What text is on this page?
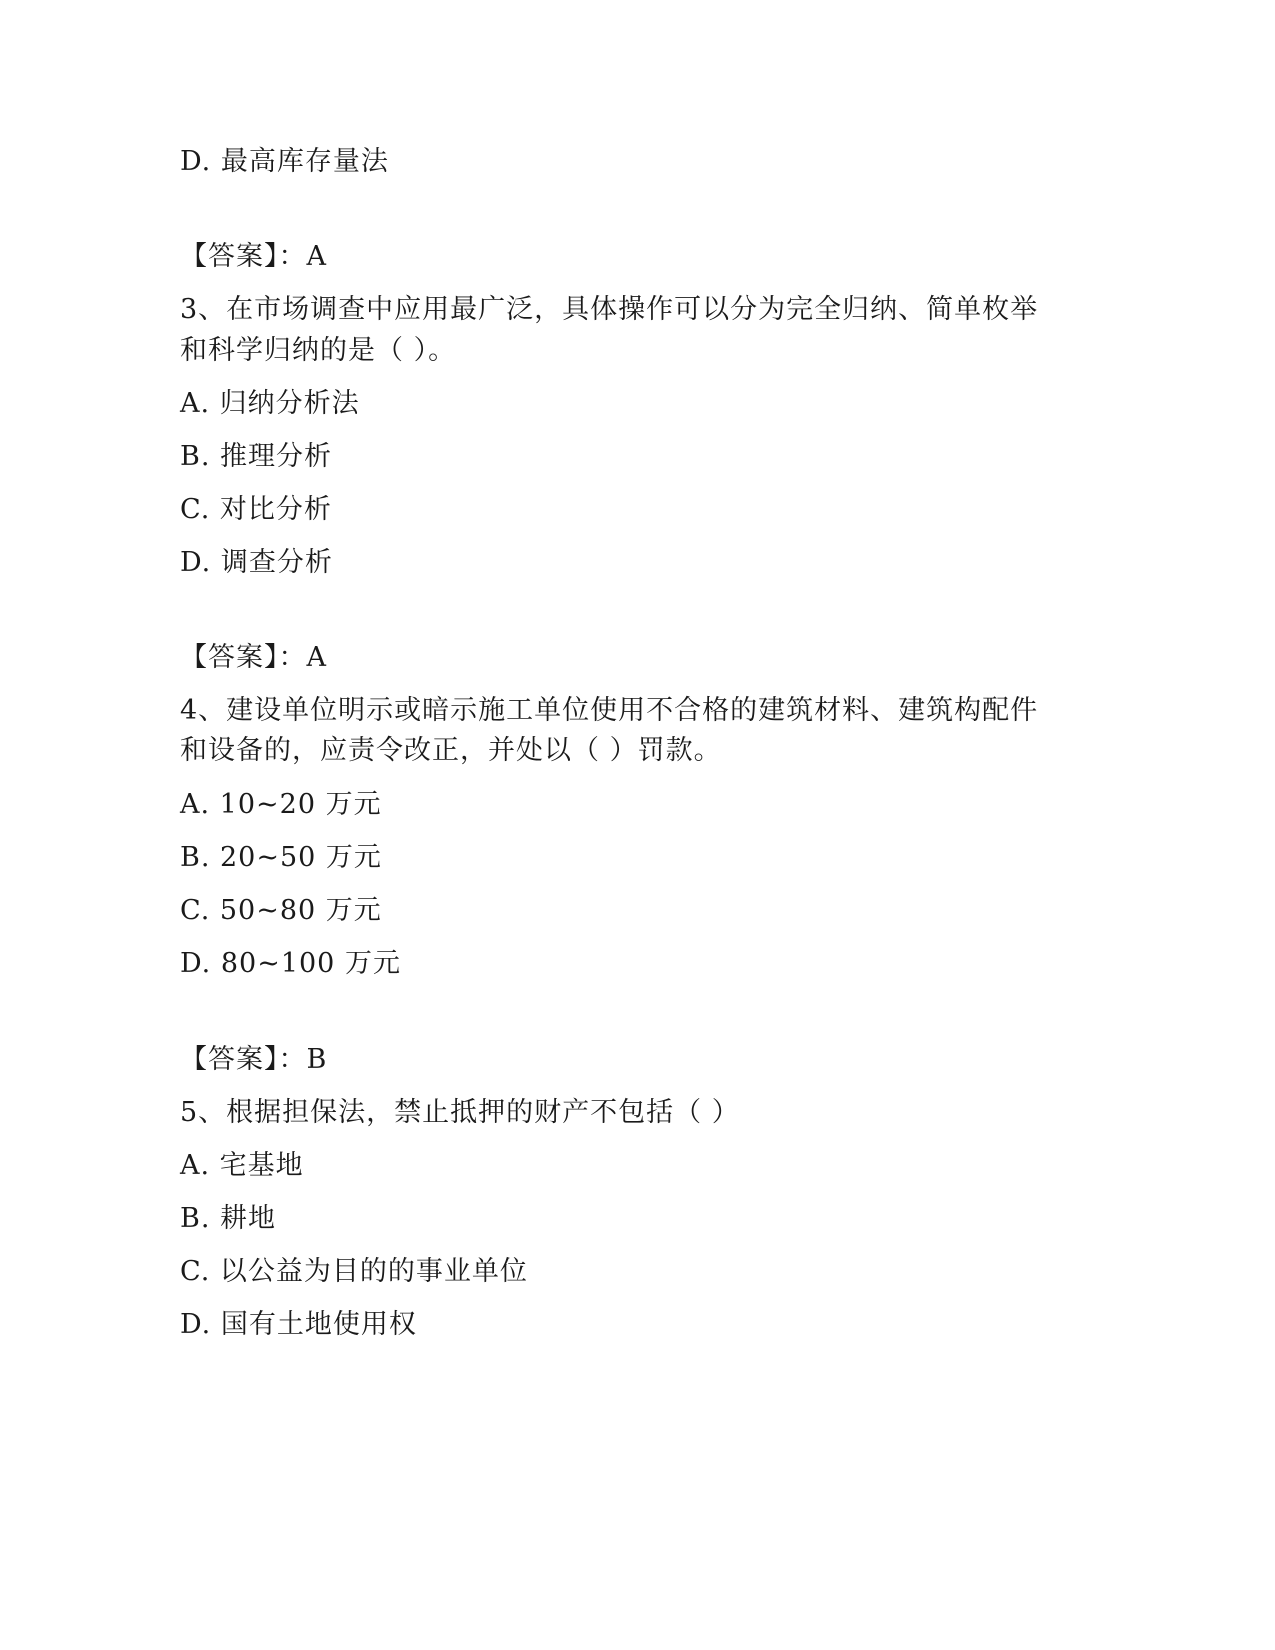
D. 最高库存量法
【答案】：A
3、在市场调查中应用最广泛，具体操作可以分为完全归纳、简单枚举
和科学归纳的是（ ）。
A. 归纳分析法
B. 推理分析
C. 对比分析
D. 调查分析
【答案】：A
4、建设单位明示或暗示施工单位使用不合格的建筑材料、建筑构配件
和设备的，应责令改正，并处以（ ）罚款。
A. 10~20 万元
B. 20~50 万元
C. 50~80 万元
D. 80~100 万元
【答案】：B
5、根据担保法，禁止抵押的财产不包括（ ）
A. 宅基地
B. 耕地
C. 以公益为目的的事业单位
D. 国有土地使用权
